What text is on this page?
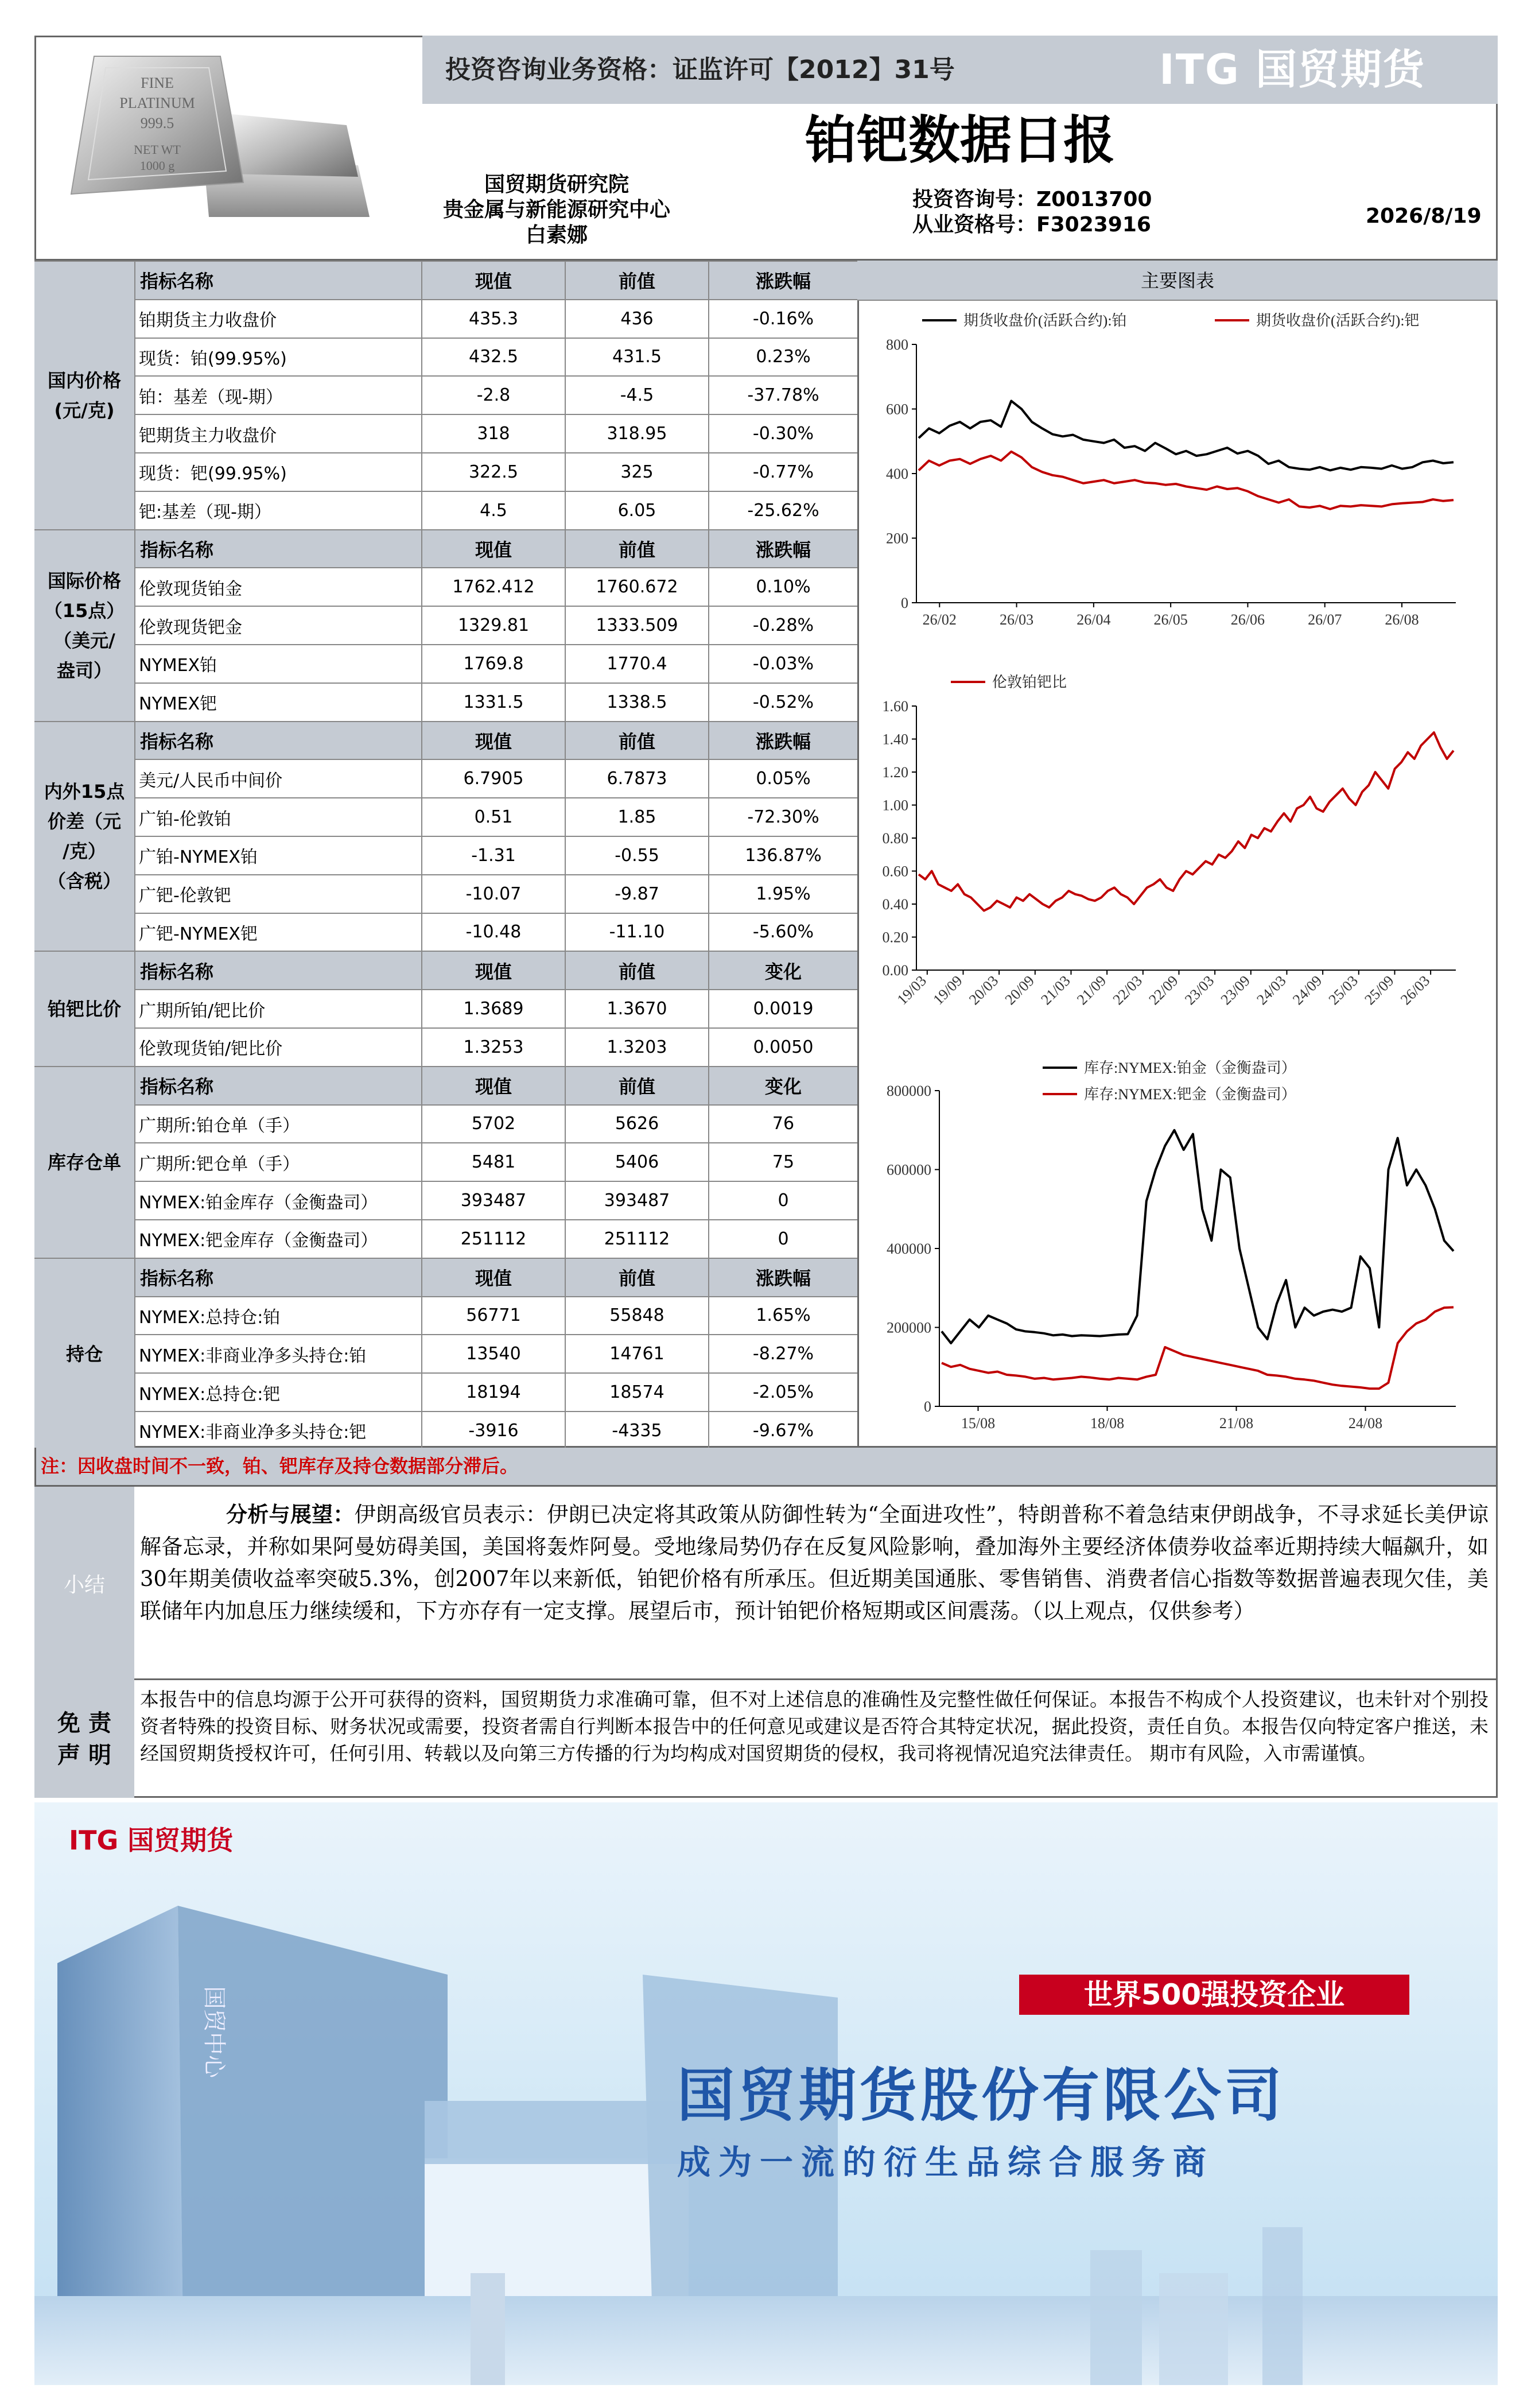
投资咨询业务资格：证监许可【2012】31号	ITG 国贸期货
FINE
PLATINUM
999.5
NET WT
1000 g	铂钯数据日报
国贸期货研究院
贵金属与新能源研究中心
白素娜
投资咨询号：Z0013700
从业资格号：F3023916	2026/8/19
国内价格
(元/克)
指标名称	现值	前值	涨跌幅
铂期货主力收盘价	435.3	436	-0.16%
现货：铂(99.95%)	432.5	431.5	0.23%
铂：基差（现-期）	-2.8	-4.5	-37.78%
钯期货主力收盘价	318	318.95	-0.30%
现货：钯(99.95%)	322.5	325	-0.77%
钯:基差（现-期）	4.5	6.05	-25.62%
国际价格
（15点）
（美元/
盎司）
指标名称	现值	前值	涨跌幅
伦敦现货铂金	1762.412	1760.672	0.10%
伦敦现货钯金	1329.81	1333.509	-0.28%
NYMEX铂	1769.8	1770.4	-0.03%
NYMEX钯	1331.5	1338.5	-0.52%
内外15点
价差（元
/克）
（含税）
指标名称	现值	前值	涨跌幅
美元/人民币中间价	6.7905	6.7873	0.05%
广铂-伦敦铂	0.51	1.85	-72.30%
广铂-NYMEX铂	-1.31	-0.55	136.87%
广钯-伦敦钯	-10.07	-9.87	1.95%
广钯-NYMEX钯	-10.48	-11.10	-5.60%
铂钯比价
指标名称	现值	前值	变化
广期所铂/钯比价	1.3689	1.3670	0.0019
伦敦现货铂/钯比价	1.3253	1.3203	0.0050
库存仓单
指标名称	现值	前值	变化
广期所:铂仓单（手）	5702	5626	76
广期所:钯仓单（手）	5481	5406	75
NYMEX:铂金库存（金衡盎司）	393487	393487	0
NYMEX:钯金库存（金衡盎司）	251112	251112	0
持仓
指标名称	现值	前值	涨跌幅
NYMEX:总持仓:铂	56771	55848	1.65%
NYMEX:非商业净多头持仓:铂	13540	14761	-8.27%
NYMEX:总持仓:钯	18194	18574	-2.05%
NYMEX:非商业净多头持仓:钯	-3916	-4335	-9.67%
主要图表
0
200
400
600
800
26/02	26/03	26/04	26/05	26/06	26/07	26/08
期货收盘价(活跃合约):铂	期货收盘价(活跃合约):钯
0.00
0.20
0.40
0.60
0.80
1.00
1.20
1.40
1.60
19/03 19/09 20/03 20/09 21/03 21/09 22/03 22/09 23/03 23/09 24/03 24/09 25/03 25/09 26/03
伦敦铂钯比
0
200000
400000
600000
800000
15/08	18/08	21/08	24/08
库存:NYMEX:铂金（金衡盎司）
库存:NYMEX:钯金（金衡盎司）
注：因收盘时间不一致，铂、钯库存及持仓数据部分滞后。
小结
分析与展望：伊朗高级官员表示：伊朗已决定将其政策从防御性转为“全面进攻性”，特朗普称不着急结束伊朗战争，不寻求延长美伊谅解备忘录，并称如果阿曼妨碍美国，美国将轰炸阿曼。受地缘局势仍存在反复风险影响，叠加海外主要经济体债券收益率近期持续大幅飙升，如30年期美债收益率突破5.3%，创2007年以来新低，铂钯价格有所承压。但近期美国通胀、零售销售、消费者信心指数等数据普遍表现欠佳，美联储年内加息压力继续缓和，下方亦存有一定支撑。展望后市，预计铂钯价格短期或区间震荡。（以上观点，仅供参考）
免 责
声 明
本报告中的信息均源于公开可获得的资料，国贸期货力求准确可靠，但不对上述信息的准确性及完整性做任何保证。本报告不构成个人投资建议，也未针对个别投资者特殊的投资目标、财务状况或需要，投资者需自行判断本报告中的任何意见或建议是否符合其特定状况，据此投资，责任自负。本报告仅向特定客户推送，未经国贸期货授权许可，任何引用、转载以及向第三方传播的行为均构成对国贸期货的侵权，我司将视情况追究法律责任。 期市有风险，入市需谨慎。
国贸中心
ITG 国贸期货
世界500强投资企业
国贸期货股份有限公司
成为一流的衍生品综合服务商
